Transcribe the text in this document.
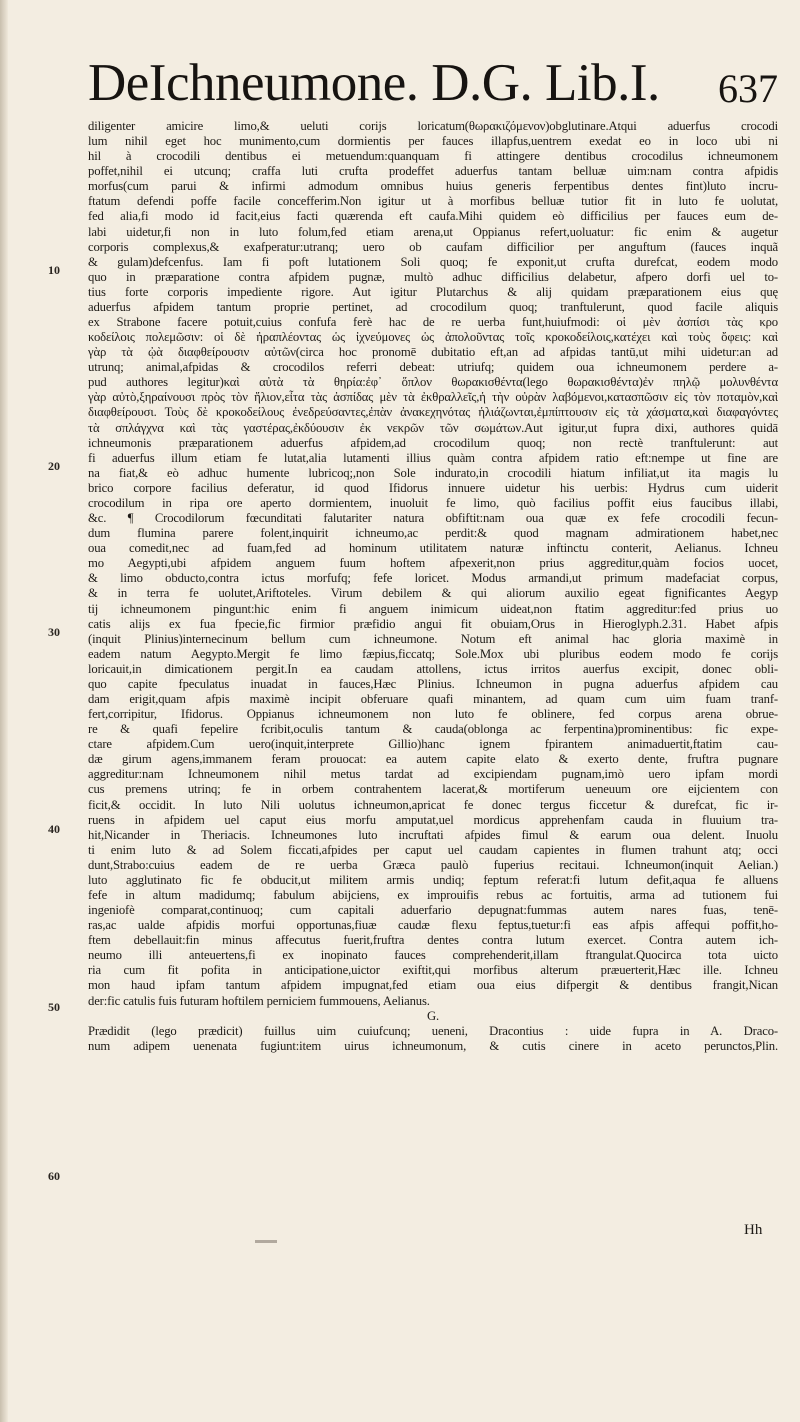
DeIchneumone. D.G. Lib.I. 637
10
20
30
40
50
60
diligenter amicire limo,& ueluti corijs loricatum(θωρακιζόμενον)obglutinare.Atqui aduerfus crocodi
lum nihil eget hoc munimento,cum dormientis per fauces illapfus,uentrem exedat eo in loco ubi ni
hil à crocodili dentibus ei metuendum:quanquam fi attingere dentibus crocodilus ichneumonem
poffet,nihil ei utcunq; craffa luti crufta prodeffet aduerfus tantam belluæ uim:nam contra afpidis
morfus(cum parui & infirmi admodum omnibus huius generis ferpentibus dentes fint)luto incru-
ftatum defendi poffe facile concefferim.Non igitur ut à morfibus belluæ tutior fit in luto fe uolutat,
fed alia,fi modo id facit,eius facti quærenda eft caufa.Mihi quidem eò difficilius per fauces eum de-
labi uidetur,fi non in luto folum,fed etiam arena,ut Oppianus refert,uoluatur: fic enim & augetur
corporis complexus,& exafperatur:utranq; uero ob caufam difficilior per anguftum (fauces inquã
& gulam)defcenfus. Iam fi poft lutationem Soli quoq; fe exponit,ut crufta durefcat, eodem modo
quo in præparatione contra afpidem pugnæ, multò adhuc difficilius delabetur, afpero dorfi uel to-
tius forte corporis impediente rigore. Aut igitur Plutarchus & alij quidam præparationem eius quę
aduerfus afpidem tantum proprie pertinet, ad crocodilum quoq; tranftulerunt, quod facile aliquis
ex Strabone facere potuit,cuius confufa ferè hac de re uerba funt,huiufmodi: οἱ μὲν ἀσπίσι τὰς κρο
κοδείλοις πολεμῶσιν: οἱ δὲ ἠραπλέοντας ὡς ἰχνεύμονες ὡς ἀπολοῦντας τοῖς κροκοδείλοις,κατέχει καὶ τοὺς ὄφεις: καὶ
γὰρ τὰ ᾠὰ διαφθείρουσιν αὐτῶν(circa hoc pronomē dubitatio eft,an ad afpidas tantū,ut mihi uidetur:an ad
utrunq; animal,afpidas & crocodilos referri debeat: utriufq; quidem oua ichneumonem perdere a-
pud authores legitur)καὶ αὐτὰ τὰ θηρία:ἐφ᾽ ὅπλον θωρακισθέντα(lego θωρακισθέντα)ἐν πηλῷ μολυνθέντα
γὰρ αὐτὸ,ξηραίνουσι πρὸς τὸν ἥλιον,εἶτα τὰς ἀσπίδας μὲν τὰ ἐκθραλλεῖς,ἡ τὴν οὐρὰν λαβόμενοι,κατασπῶσιν εἰς τὸν ποταμὸν,καὶ
διαφθείρουσι. Τοὺς δὲ κροκοδείλους ἐνεδρεύσαντες,ἐπὰν ἀνακεχηνότας ἡλιάζωνται,ἐμπίπτουσιν εἰς τὰ χάσματα,καὶ διαφαγόντες
τὰ σπλάγχνα καὶ τὰς γαστέρας,ἐκδύουσιν ἐκ νεκρῶν τῶν σωμάτων.Aut igitur,ut fupra dixi, authores quidā
ichneumonis præparationem aduerfus afpidem,ad crocodilum quoq; non rectè tranftulerunt: aut
fi aduerfus illum etiam fe lutat,alia lutamenti illius quàm contra afpidem ratio eft:nempe ut fine are
na fiat,& eò adhuc humente lubricoq;,non Sole indurato,in crocodili hiatum infiliat,ut ita magis lu
brico corpore facilius deferatur, id quod Ifidorus innuere uidetur his uerbis: Hydrus cum uiderit
crocodilum in ripa ore aperto dormientem, inuoluit fe limo, quò facilius poffit eius faucibus illabi,
&c. ¶ Crocodilorum fœcunditati falutariter natura obfiftit:nam oua quæ ex fefe crocodili fecun-
dum flumina parere folent,inquirit ichneumo,ac perdit:& quod magnam admirationem habet,nec
oua comedit,nec ad fuam,fed ad hominum utilitatem naturæ inftinctu conterit, Aelianus. Ichneu
mo Aegypti,ubi afpidem anguem fuum hoftem afpexerit,non prius aggreditur,quàm focios uocet,
& limo obducto,contra ictus morfufq; fefe loricet. Modus armandi,ut primum madefaciat corpus,
& in terra fe uolutet,Ariftoteles. Virum debilem & qui aliorum auxilio egeat fignificantes Aegyp
tij ichneumonem pingunt:hic enim fi anguem inimicum uideat,non ftatim aggreditur:fed prius uo
catis alijs ex fua fpecie,fic firmior præfidio angui fit obuiam,Orus in Hieroglyph.2.31. Habet afpis
(inquit Plinius)internecinum bellum cum ichneumone. Notum eft animal hac gloria maximè in
eadem natum Aegypto.Mergit fe limo fæpius,ficcatq; Sole.Mox ubi pluribus eodem modo fe corijs
loricauit,in dimicationem pergit.In ea caudam attollens, ictus irritos auerfus excipit, donec obli-
quo capite fpeculatus inuadat in fauces,Hæc Plinius. Ichneumon in pugna aduerfus afpidem cau
dam erigit,quam afpis maximè incipit obferuare quafi minantem, ad quam cum uim fuam tranf-
fert,corripitur, Ifidorus. Oppianus ichneumonem non luto fe oblinere, fed corpus arena obrue-
re & quafi fepelire fcribit,oculis tantum & cauda(oblonga ac ferpentina)prominentibus: fic expe-
ctare afpidem.Cum uero(inquit,interprete Gillio)hanc ignem fpirantem animaduertit,ftatim cau-
dæ girum agens,immanem feram prouocat: ea autem capite elato & exerto dente, fruftra pugnare
aggreditur:nam Ichneumonem nihil metus tardat ad excipiendam pugnam,imò uero ipfam mordi
cus premens utrinq; fe in orbem contrahentem lacerat,& mortiferum ueneuum ore eijcientem con
ficit,& occidit. In luto Nili uolutus ichneumon,apricat fe donec tergus ficcetur & durefcat, fic ir-
ruens in afpidem uel caput eius morfu amputat,uel mordicus apprehenfam cauda in fluuium tra-
hit,Nicander in Theriacis. Ichneumones luto incruftati afpides fimul & earum oua delent. Inuolu
ti enim luto & ad Solem ficcati,afpides per caput uel caudam capientes in flumen trahunt atq; occi
dunt,Strabo:cuius eadem de re uerba Græca paulò fuperius recitaui. Ichneumon(inquit Aelian.)
luto agglutinato fic fe obducit,ut militem armis undiq; feptum referat:fi lutum defit,aqua fe alluens
fefe in altum madidumq; fabulum abijciens, ex improuifis rebus ac fortuitis, arma ad tutionem fui
ingeniofè comparat,continuoq; cum capitali aduerfario depugnat:fummas autem nares fuas, tenē-
ras,ac ualde afpidis morfui opportunas,fiuæ caudæ flexu feptus,tuetur:fi eas afpis affequi poffit,ho-
ftem debellauit:fin minus affecutus fuerit,fruftra dentes contra lutum exercet. Contra autem ich-
neumo illi anteuertens,fi ex inopinato fauces comprehenderit,illam ftrangulat.Quocirca tota uicto
ria cum fit pofita in anticipatione,uictor exiftit,qui morfibus alterum præuerterit,Hæc ille. Ichneu
mon haud ipfam tantum afpidem impugnat,fed etiam oua eius difpergit & dentibus frangit,Nican
der:fic catulis fuis futuram hoftilem perniciem fummouens, Aelianus.
G.
Prædidit (lego prædicit) fuillus uim cuiufcunq; ueneni, Dracontius : uide fupra in A. Draco-
num adipem uenenata fugiunt:item uirus ichneumonum, & cutis cinere in aceto perunctos,Plin.
Hh
